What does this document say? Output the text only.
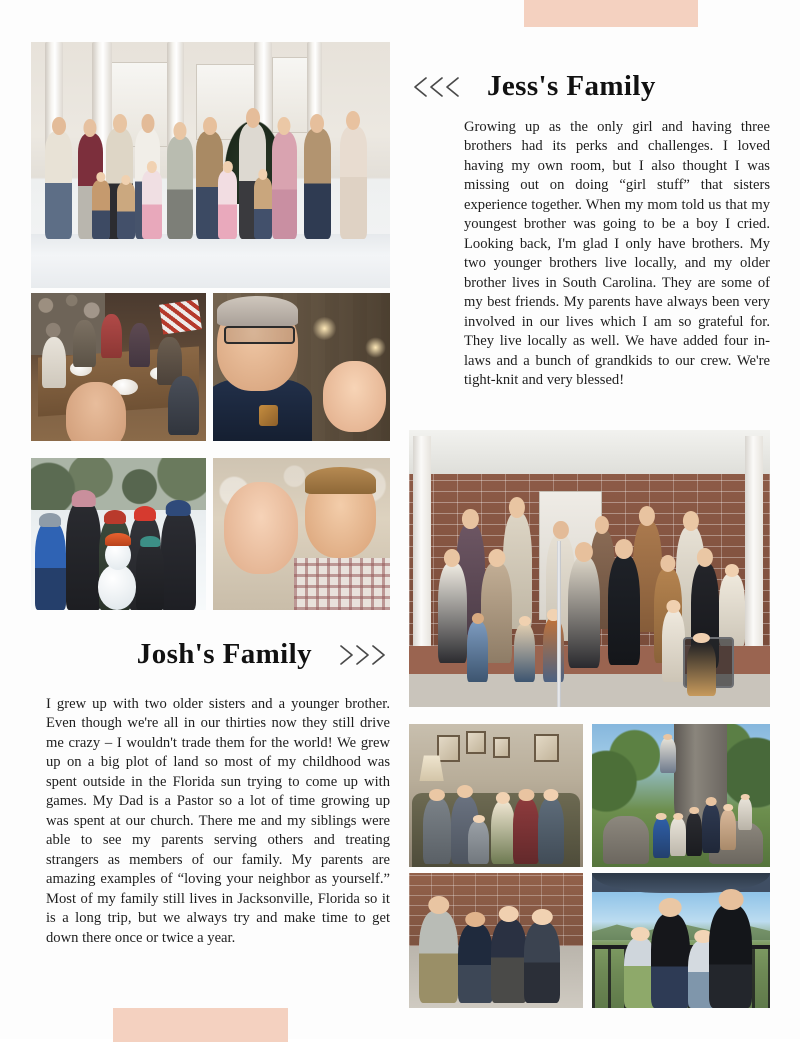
Josh's Family

I grew up with two older sisters and a younger brother. Even though we're all in our thirties now they still drive me crazy – I wouldn't trade them for the world! We grew up on a big plot of land so most of my childhood was spent outside in the Florida sun trying to come up with games. My Dad is a Pastor so a lot of time growing up was spent at our church. There me and my siblings were able to see my parents serving others and treating strangers as members of our family. My parents are amazing examples of “loving your neighbor as yourself.” Most of my family still lives in Jacksonville, Florida so it is a long trip, but we always try and make time to get down there once or twice a year.

Jess's Family

Growing up as the only girl and having three brothers had its perks and challenges. I loved having my own room, but I also thought I was missing out on doing “girl stuff” that sisters experience together. When my mom told us that my youngest brother was going to be a boy I cried. Looking back, I'm glad I only have brothers. My two younger brothers live locally, and my older brother lives in South Carolina. They are some of my best friends. My parents have always been very involved in our lives which I am so grateful for. They live locally as well. We have added four in-laws and a bunch of grandkids to our crew. We're tight-knit and very blessed!
